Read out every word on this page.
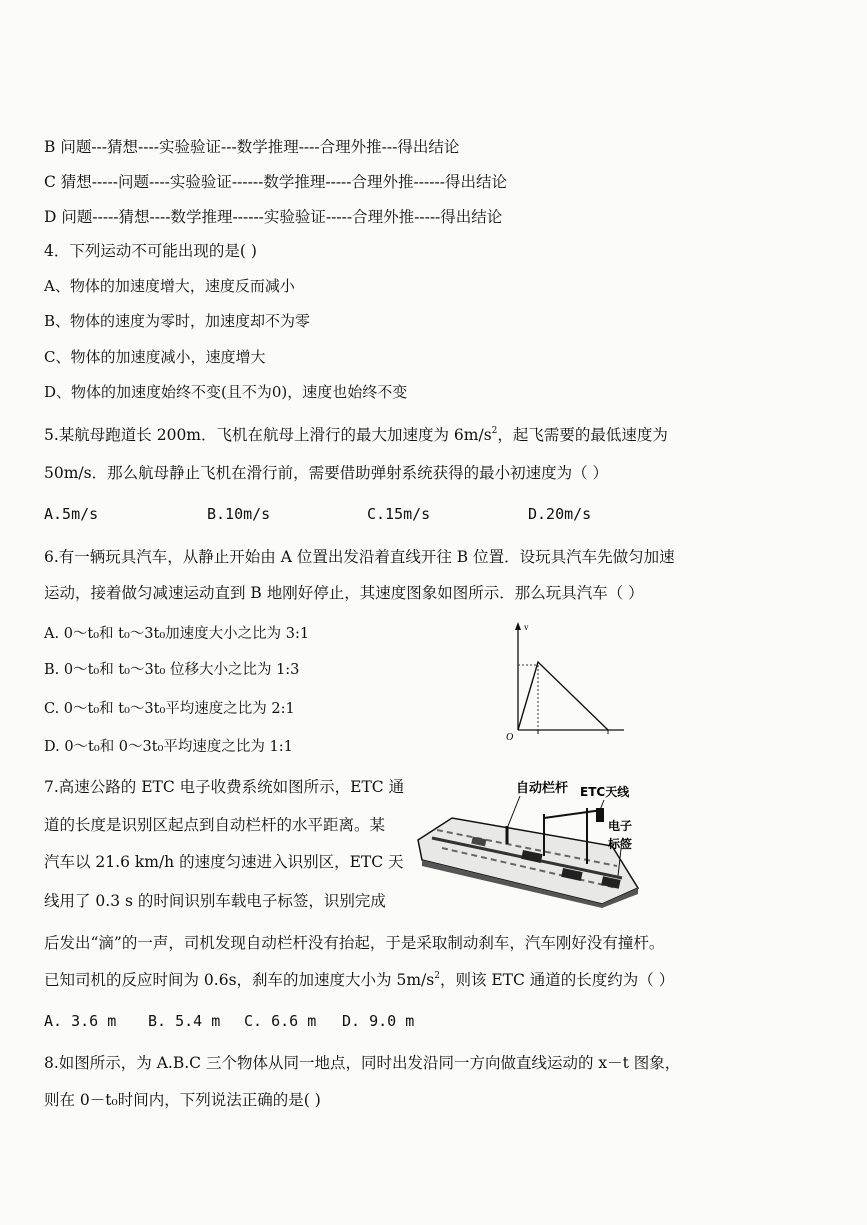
B 问题---猜想----实验验证---数学推理----合理外推---得出结论
C 猜想-----问题----实验验证------数学推理-----合理外推------得出结论
D 问题-----猜想----数学推理------实验验证-----合理外推-----得出结论
4．下列运动不可能出现的是( )
A、物体的加速度增大，速度反而减小
B、物体的速度为零时，加速度却不为零
C、物体的加速度减小，速度增大
D、物体的加速度始终不变(且不为0)，速度也始终不变
5.某航母跑道长 200m．飞机在航母上滑行的最大加速度为 $6m/s^2$，起飞需要的最低速度为
50m/s．那么航母静止飞机在滑行前，需要借助弹射系统获得的最小初速度为（ ）
A.5m/s	B.10m/s	C.15m/s	D.20m/s
6.有一辆玩具汽车，从静止开始由 A 位置出发沿着直线开往 B 位置．设玩具汽车先做匀加速
运动，接着做匀减速运动直到 B 地刚好停止，其速度图象如图所示．那么玩具汽车（ ）
A. 0～t₀和 t₀～3t₀加速度大小之比为 3:1
B. 0～t₀和 t₀～3t₀ 位移大小之比为 1:3
C. 0～t₀和 t₀～3t₀平均速度之比为 2:1
D. 0～t₀和 0～3t₀平均速度之比为 1:1
v
O
7.高速公路的 ETC 电子收费系统如图所示，ETC 通
道的长度是识别区起点到自动栏杆的水平距离。某
汽车以 21.6 km/h 的速度匀速进入识别区，ETC 天
线用了 0.3 s 的时间识别车载电子标签，识别完成
后发出“滴”的一声，司机发现自动栏杆没有抬起，于是采取制动刹车，汽车刚好没有撞杆。
已知司机的反应时间为 0.6s，刹车的加速度大小为 $5m/s^2$，则该 ETC 通道的长度约为（ ）
A. 3.6 m B. 5.4 m C. 6.6 m D. 9.0 m
自动栏杆 ETC天线
电子
标签
8.如图所示，为 A.B.C 三个物体从同一地点，同时出发沿同一方向做直线运动的 x－t 图象，
则在 0－t₀时间内，下列说法正确的是( )
